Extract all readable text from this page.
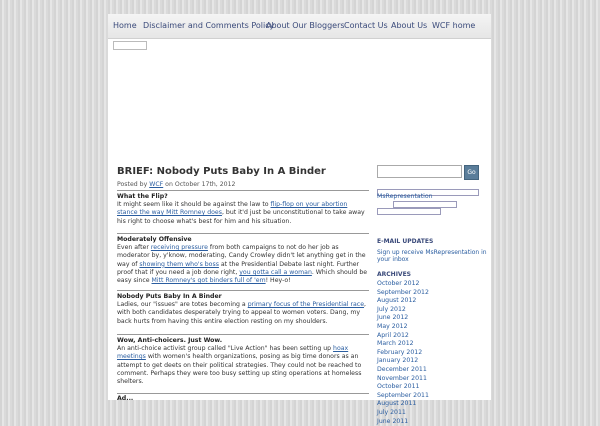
Home Disclaimer and Comments Policy
About Our Bloggers Contact Us About Us WCF home
BRIEF: Nobody Puts Baby In A Binder
Posted by WCF on October 17th, 2012
What the Flip?
It might seem like it should be against the law to flip-flop on your abortion stance the way Mitt Romney does, but it'd just be unconstitutional to take away his right to choose what's best for him and his situation.
Moderately Offensive
Even after receiving pressure from both campaigns to not do her job as moderator by, y'know, moderating, Candy Crowley didn't let anything get in the way of showing them who's boss at the Presidential Debate last night. Further proof that if you need a job done right, you gotta call a woman. Which should be easy since Mitt Romney's got binders full of 'em! Hey-o!
Nobody Puts Baby In A Binder
Ladies, our "issues" are totes becoming a primary focus of the Presidential race, with both candidates desperately trying to appeal to women voters. Dang, my back hurts from having this entire election resting on my shoulders.
Wow, Anti-choicers. Just Wow.
An anti-choice activist group called "Live Action" has been setting up hoax meetings with women's health organizations, posing as big time donors as an attempt to get deets on their political strategies. They could not be reached to comment. Perhaps they were too busy setting up sting operations at homeless shelters.
Ad...
Go
MsRepresentation
E-MAIL UPDATES
Sign up receive MsRepresentation in your inbox
ARCHIVES
October 2012
September 2012
August 2012
July 2012
June 2012
May 2012
April 2012
March 2012
February 2012
January 2012
December 2011
November 2011
October 2011
September 2011
August 2011
July 2011
June 2011
